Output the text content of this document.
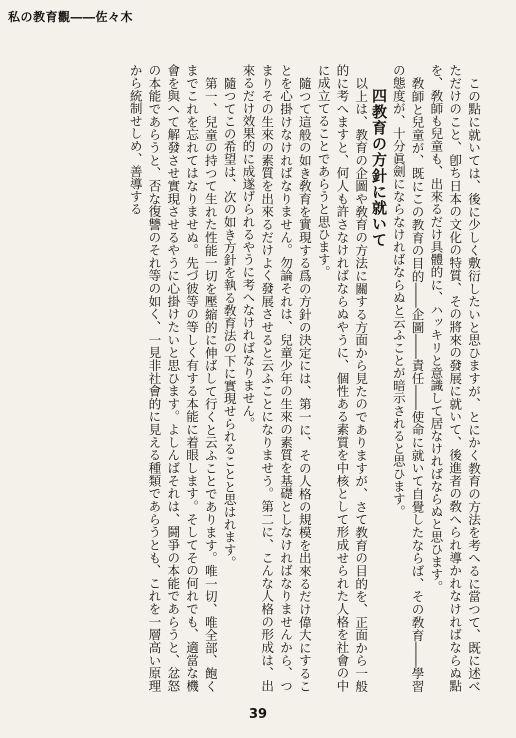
私の教育觀――佐々木

この點に就いては、後に少しく敷衍したいと思ひますが、とにかく教育の方法を考へるに當つて、既に述べただけのこと、卽ち日本の文化の特質、その將來の發展に就いて、後進者の敎へられ導かれなければならぬ點を、敎師も兒童も、出來るだけ具體的に、ハッキリと意識して居なければならぬと思ひます。

敎師と兒童が、既にこの教育の目的――企圖――責任――使命に就いて自覺したならば、その敎育――學習の態度が、十分眞劍にならなければならぬと云ふことが暗示されると思ひます。

四教育の方針に就いて

以上は、教育の企圖や敎育の方法に關する方面から見たのでありますが、さて教育の目的を、正面から一般的に考へますと、何人も許さなければならぬやうに、個性ある素質を中核として形成せられた人格を社會の中に成立てることであらうと思ひます。

隨つて這般の如き敎育を實現する爲の方針の決定には、第一に、その人格の規模を出來るだけ偉大にすることを心掛けなければなりません。勿論それは、兒童少年の生來の素質を基礎としなければなりませんから、つまりその生來の素質を出來るだけよく發展させると云ふことになりませう。第二に、こんな人格の形成は、出來るだけ效果的に成遂げられるやうに考へなければなりません。

隨つてこの希望は、次の如き方針を執る敎育法の下に實現せられることと思はれます。

第一、兒童の持つて生れた性能一切を壓縮的に伸ばして行くと云ふことであります。唯一切、唯全部、飽くまでこれを忘れてはなりませぬ。先づ彼等の等しく有する本能に着眼します。そしてその何れでも、適當な機會を與へて解發させ實現させるやうに心掛けたいと思ひます。よしんばそれは、鬪爭の本能であらうと、忿怒の本能であらうと、否な復讐のそれ等の如く、一見非社會的に見える種類であらうとも、これを一層高い原理から統制せしめ、善導する

39
